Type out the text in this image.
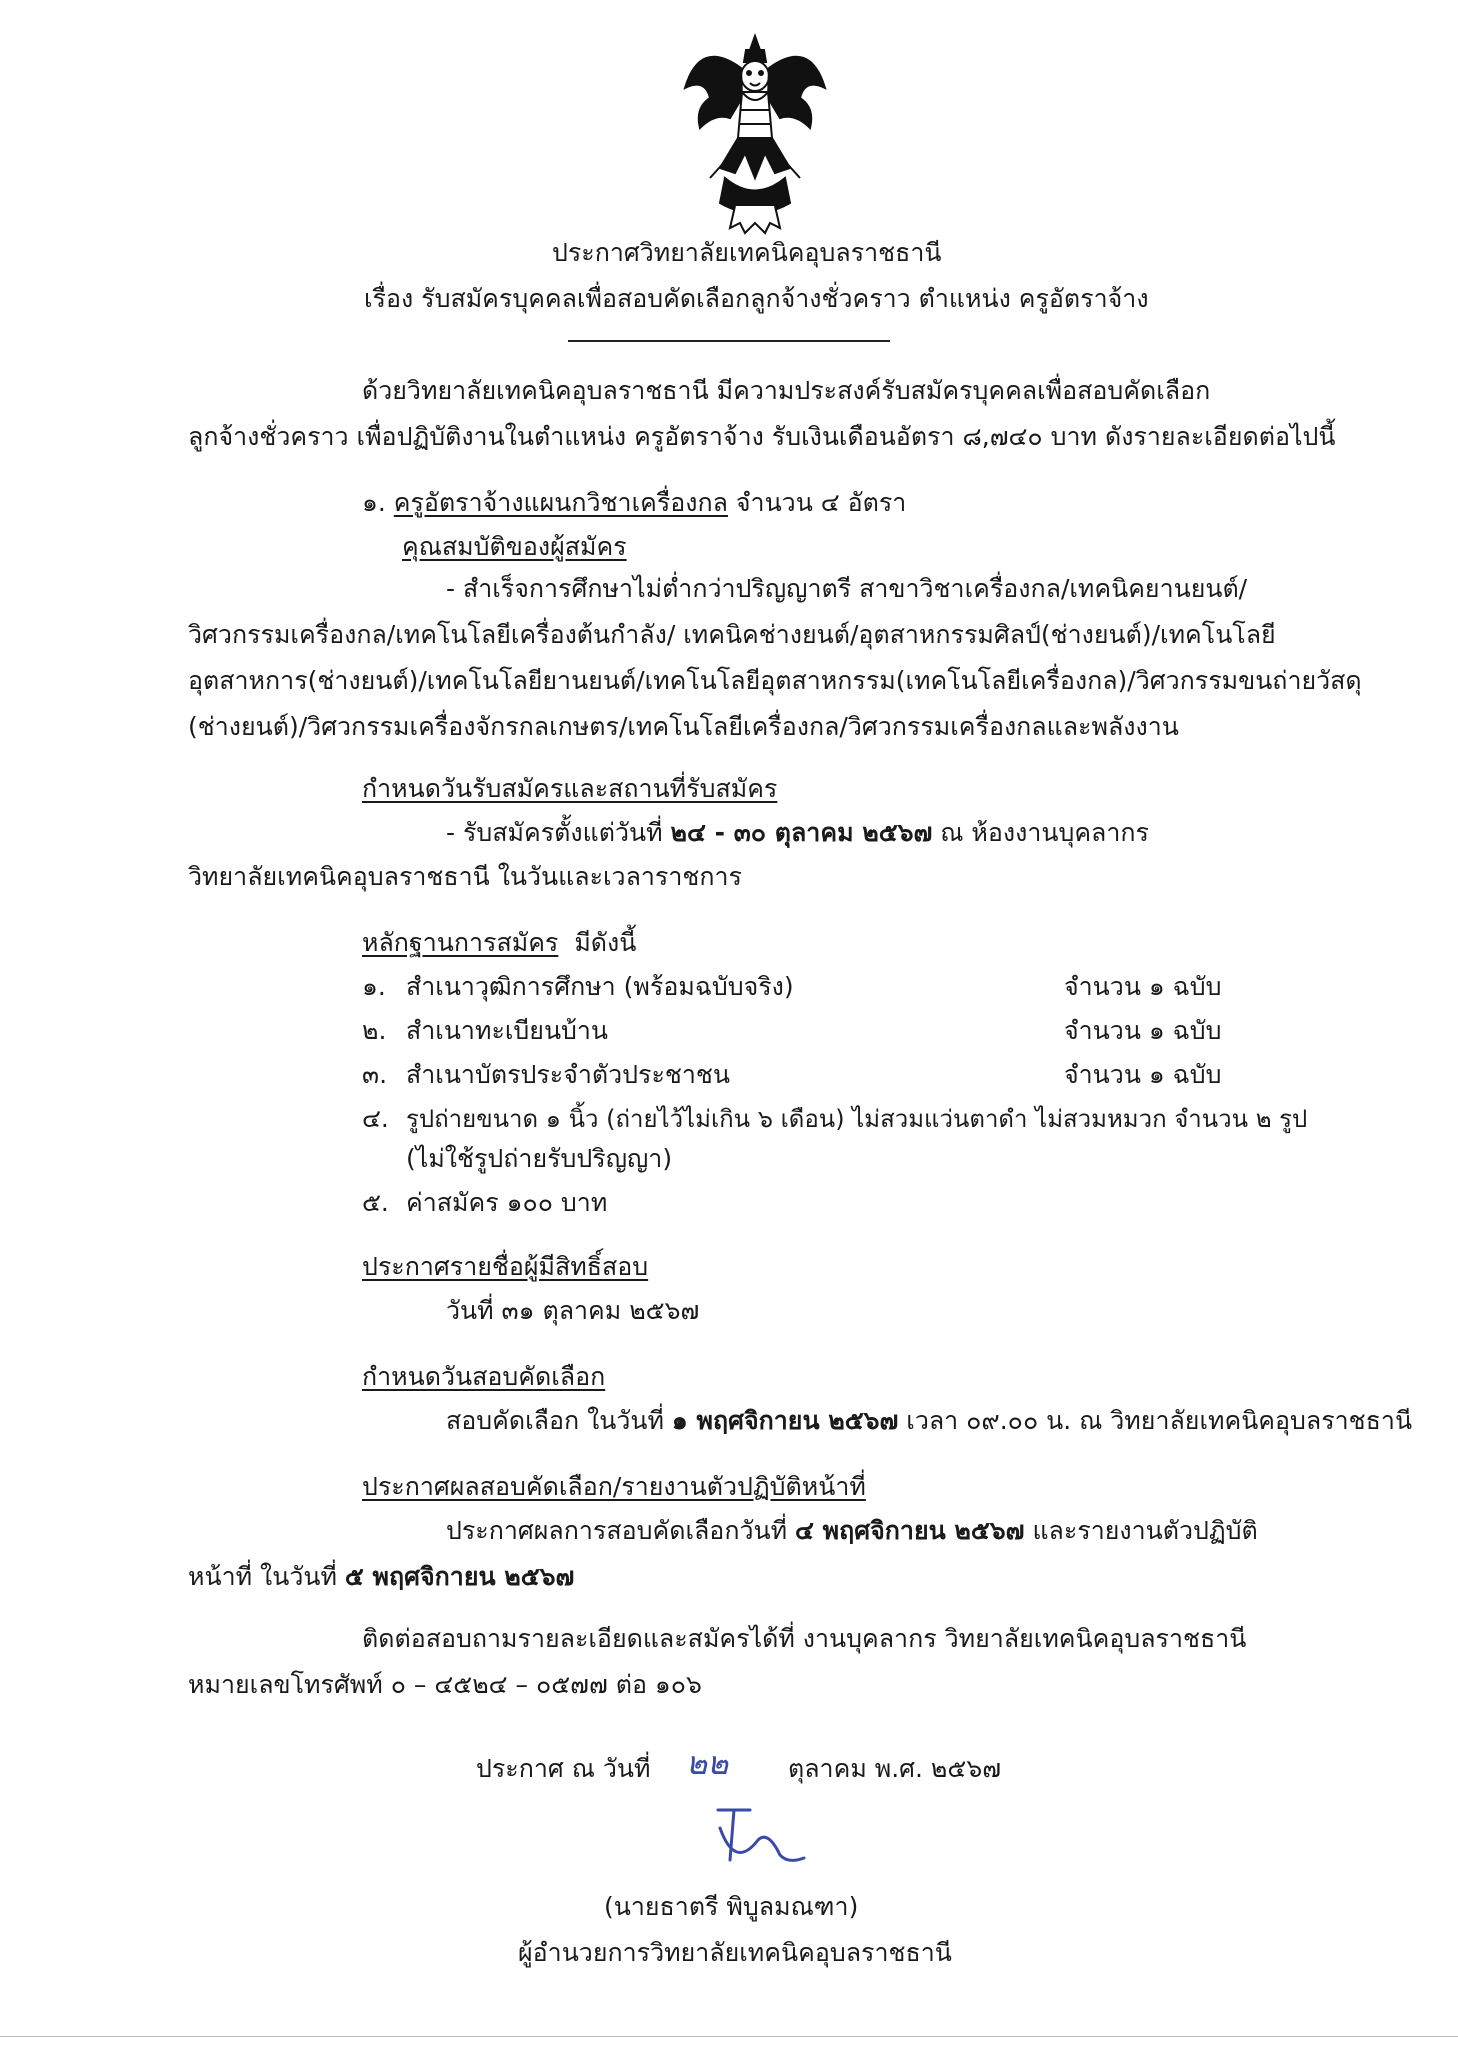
ประกาศวิทยาลัยเทคนิคอุบลราชธานี
เรื่อง รับสมัครบุคคลเพื่อสอบคัดเลือกลูกจ้างชั่วคราว ตำแหน่ง ครูอัตราจ้าง
ด้วยวิทยาลัยเทคนิคอุบลราชธานี มีความประสงค์รับสมัครบุคคลเพื่อสอบคัดเลือก
ลูกจ้างชั่วคราว เพื่อปฏิบัติงานในตำแหน่ง ครูอัตราจ้าง รับเงินเดือนอัตรา ๘,๗๔๐ บาท ดังรายละเอียดต่อไปนี้
๑. ครูอัตราจ้างแผนกวิชาเครื่องกล จำนวน ๔ อัตรา
คุณสมบัติของผู้สมัคร
- สำเร็จการศึกษาไม่ต่ำกว่าปริญญาตรี สาขาวิชาเครื่องกล/เทคนิคยานยนต์/
วิศวกรรมเครื่องกล/เทคโนโลยีเครื่องต้นกำลัง/ เทคนิคช่างยนต์/อุตสาหกรรมศิลป์(ช่างยนต์)/เทคโนโลยี
อุตสาหการ(ช่างยนต์)/เทคโนโลยียานยนต์/เทคโนโลยีอุตสาหกรรม(เทคโนโลยีเครื่องกล)/วิศวกรรมขนถ่ายวัสดุ
(ช่างยนต์)/วิศวกรรมเครื่องจักรกลเกษตร/เทคโนโลยีเครื่องกล/วิศวกรรมเครื่องกลและพลังงาน
กำหนดวันรับสมัครและสถานที่รับสมัคร
- รับสมัครตั้งแต่วันที่ ๒๔ - ๓๐ ตุลาคม ๒๕๖๗ ณ ห้องงานบุคลากร
วิทยาลัยเทคนิคอุบลราชธานี ในวันและเวลาราชการ
หลักฐานการสมัคร มีดังนี้
๑. สำเนาวุฒิการศึกษา (พร้อมฉบับจริง)	จำนวน ๑ ฉบับ
๒. สำเนาทะเบียนบ้าน	จำนวน ๑ ฉบับ
๓. สำเนาบัตรประจำตัวประชาชน	จำนวน ๑ ฉบับ
๔. รูปถ่ายขนาด ๑ นิ้ว (ถ่ายไว้ไม่เกิน ๖ เดือน) ไม่สวมแว่นตาดำ ไม่สวมหมวก จำนวน ๒ รูป
(ไม่ใช้รูปถ่ายรับปริญญา)
๕. ค่าสมัคร ๑๐๐ บาท
ประกาศรายชื่อผู้มีสิทธิ์สอบ
วันที่ ๓๑ ตุลาคม ๒๕๖๗
กำหนดวันสอบคัดเลือก
สอบคัดเลือก ในวันที่ ๑ พฤศจิกายน ๒๕๖๗ เวลา ๐๙.๐๐ น. ณ วิทยาลัยเทคนิคอุบลราชธานี
ประกาศผลสอบคัดเลือก/รายงานตัวปฏิบัติหน้าที่
ประกาศผลการสอบคัดเลือกวันที่ ๔ พฤศจิกายน ๒๕๖๗ และรายงานตัวปฏิบัติ
หน้าที่ ในวันที่ ๕ พฤศจิกายน ๒๕๖๗
ติดต่อสอบถามรายละเอียดและสมัครได้ที่ งานบุคลากร วิทยาลัยเทคนิคอุบลราชธานี
หมายเลขโทรศัพท์ ๐ – ๔๕๒๔ – ๐๕๗๗ ต่อ ๑๐๖
ประกาศ ณ วันที่ ๒๒ ตุลาคม พ.ศ. ๒๕๖๗
(นายธาตรี พิบูลมณฑา)
ผู้อำนวยการวิทยาลัยเทคนิคอุบลราชธานี
